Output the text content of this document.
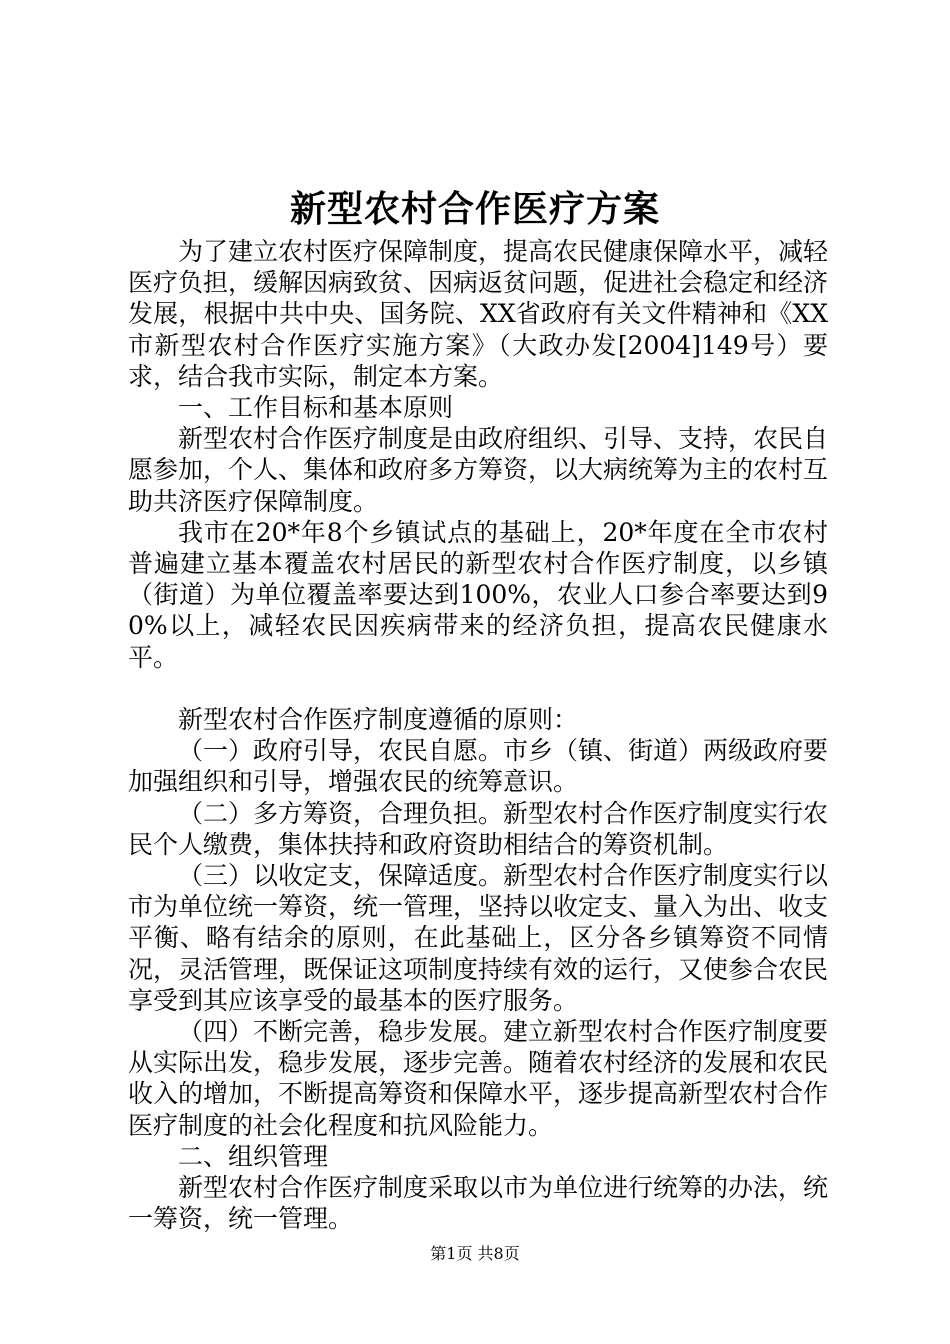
新型农村合作医疗方案

为了建立农村医疗保障制度，提高农民健康保障水平，减轻医疗负担，缓解因病致贫、因病返贫问题，促进社会稳定和经济发展，根据中共中央、国务院、XX省政府有关文件精神和《XX市新型农村合作医疗实施方案》（大政办发[2004]149号）要求，结合我市实际，制定本方案。

一、工作目标和基本原则

新型农村合作医疗制度是由政府组织、引导、支持，农民自愿参加，个人、集体和政府多方筹资，以大病统筹为主的农村互助共济医疗保障制度。

我市在20*年8个乡镇试点的基础上，20*年度在全市农村普遍建立基本覆盖农村居民的新型农村合作医疗制度，以乡镇（街道）为单位覆盖率要达到100%，农业人口参合率要达到90%以上，减轻农民因疾病带来的经济负担，提高农民健康水平。

新型农村合作医疗制度遵循的原则：

（一）政府引导，农民自愿。市乡（镇、街道）两级政府要加强组织和引导，增强农民的统筹意识。

（二）多方筹资，合理负担。新型农村合作医疗制度实行农民个人缴费，集体扶持和政府资助相结合的筹资机制。

（三）以收定支，保障适度。新型农村合作医疗制度实行以市为单位统一筹资，统一管理，坚持以收定支、量入为出、收支平衡、略有结余的原则，在此基础上，区分各乡镇筹资不同情况，灵活管理，既保证这项制度持续有效的运行，又使参合农民享受到其应该享受的最基本的医疗服务。

（四）不断完善，稳步发展。建立新型农村合作医疗制度要从实际出发，稳步发展，逐步完善。随着农村经济的发展和农民收入的增加，不断提高筹资和保障水平，逐步提高新型农村合作医疗制度的社会化程度和抗风险能力。

二、组织管理

新型农村合作医疗制度采取以市为单位进行统筹的办法，统一筹资，统一管理。

第1页 共8页
